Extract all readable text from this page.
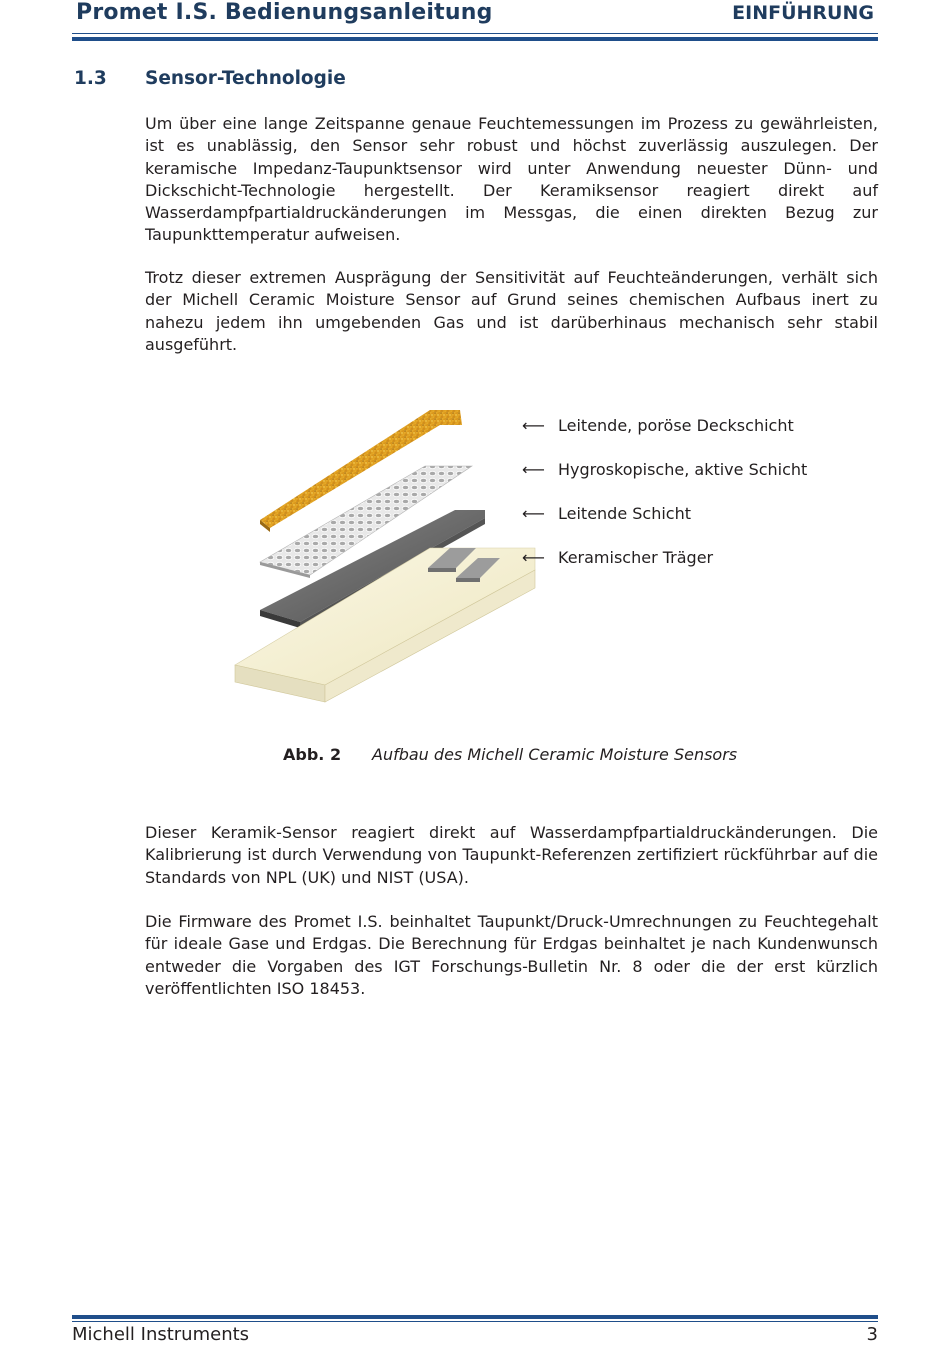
Promet I.S. Bedienungsanleitung	EINFÜHRUNG
1.3 Sensor-Technologie

Um über eine lange Zeitspanne genaue Feuchtemessungen im Prozess zu gewährleisten, ist es unablässig, den Sensor sehr robust und höchst zuverlässig auszulegen. Der keramische Impedanz-Taupunktsensor wird unter Anwendung neuester Dünn- und Dickschicht-Technologie hergestellt. Der Keramiksensor reagiert direkt auf Wasserdampfpartialdruckänderungen im Messgas, die einen direkten Bezug zur Taupunkttemperatur aufweisen.

Trotz dieser extremen Ausprägung der Sensitivität auf Feuchteänderungen, verhält sich der Michell Ceramic Moisture Sensor auf Grund seines chemischen Aufbaus inert zu nahezu jedem ihn umgebenden Gas und ist darüberhinaus mechanisch sehr stabil ausgeführt.

⟵ Leitende, poröse Deckschicht
⟵ Hygroskopische, aktive Schicht
⟵ Leitende Schicht
⟵ Keramischer Träger
Abb. 2 Aufbau des Michell Ceramic Moisture Sensors

Dieser Keramik-Sensor reagiert direkt auf Wasserdampfpartialdruckänderungen. Die Kalibrierung ist durch Verwendung von Taupunkt-Referenzen zertifiziert rückführbar auf die Standards von NPL (UK) und NIST (USA).

Die Firmware des Promet I.S. beinhaltet Taupunkt/Druck-Umrechnungen zu Feuchtegehalt für ideale Gase und Erdgas. Die Berechnung für Erdgas beinhaltet je nach Kundenwunsch entweder die Vorgaben des IGT Forschungs-Bulletin Nr. 8 oder die der erst kürzlich veröffentlichten ISO 18453.

Michell Instruments	3
